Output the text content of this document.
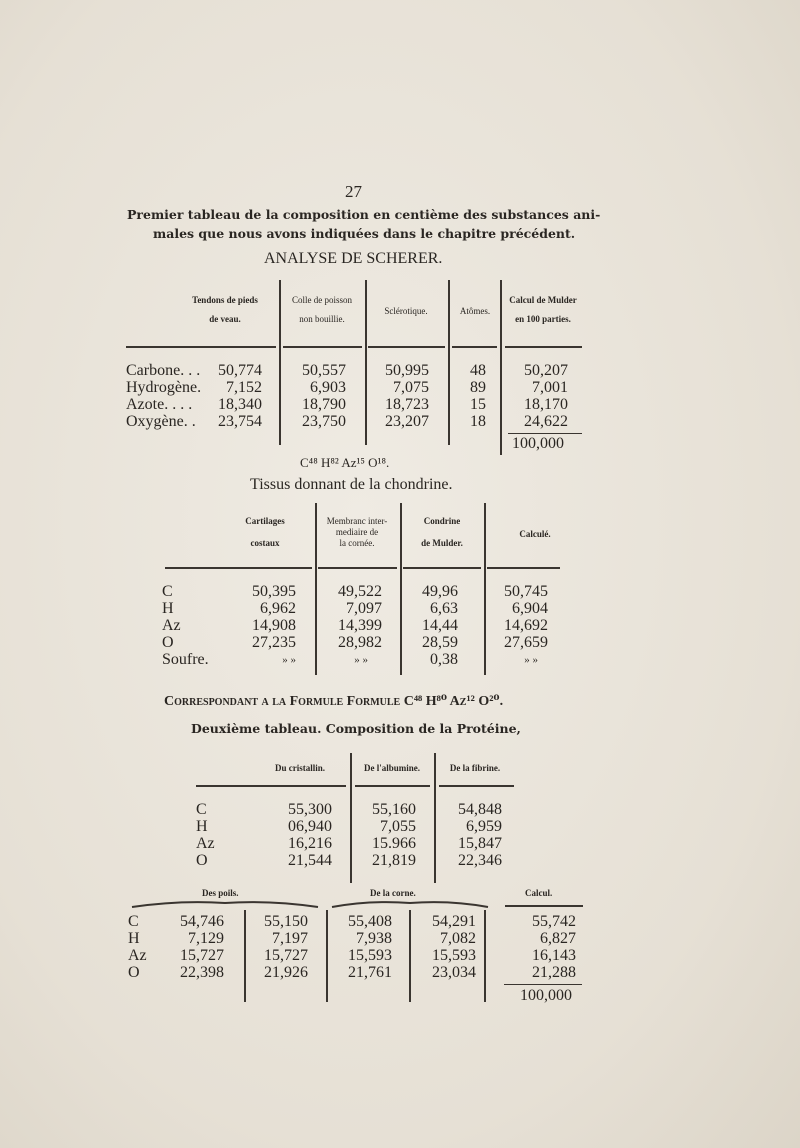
27
Premier tableau de la composition en centième des substances ani-
males que nous avons indiquées dans le chapitre précédent.
ANALYSE DE SCHERER.
Tendons de pieds
de veau.
Colle de poisson
non bouillie.
Sclérotique.	Atômes.
Calcul de Mulder
en 100 parties.
Carbone. . .	50,774	50,557	50,995	48	50,207
Hydrogène.	7,152	6,903	7,075	89	7,001
Azote. . . .	18,340	18,790	18,723	15	18,170
Oxygène. .	23,754	23,750	23,207	18	24,622
100,000
C⁴⁸ H⁸² Az¹⁵ O¹⁸.
Tissus donnant de la chondrine.
Cartilages
costaux
Membranc inter-
mediaire de
la cornée.
Condrine
de Mulder.
Calculé.
C	50,395	49,522	49,96	50,745
H	6,962	7,097	6,63	6,904
Az	14,908	14,399	14,44	14,692
O	27,235	28,982	28,59	27,659
Soufre.	» »	» »	0,38	» »
Correspondant a la Formule Formule C⁴⁸ H⁸⁰ Az¹² O²⁰.
Deuxième tableau. Composition de la Protéine,
Du cristallin.	De l'albumine.	De la fibrine.
C	55,300	55,160	54,848
H	06,940	7,055	6,959
Az	16,216	15.966	15,847
O	21,544	21,819	22,346
Des poils.	De la corne.	Calcul.
C	54,746	55,150	55,408	54,291	55,742
H	7,129	7,197	7,938	7,082	6,827
Az	15,727	15,727	15,593	15,593	16,143
O	22,398	21,926	21,761	23,034	21,288
100,000
